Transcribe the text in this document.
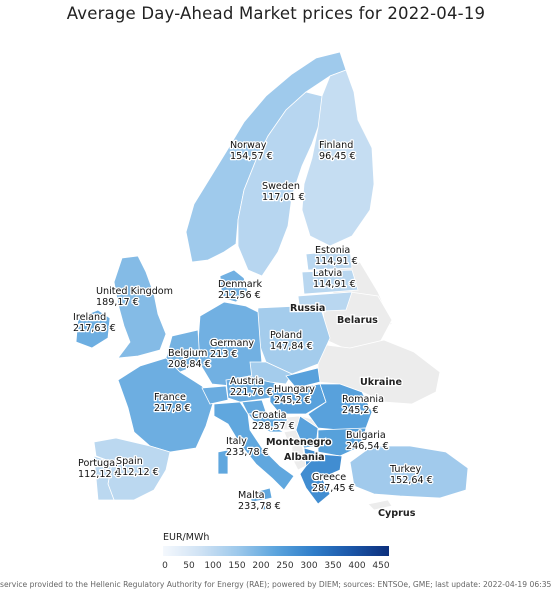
Average Day-Ahead Market prices for 2022-04-19
Norway
154,57 €
Finland
96,45 €
Sweden
117,01 €
Estonia
114,91 €
Latvia
114,91 €
Denmark
212,56 €
United Kingdom
189,17 €
Ireland
217,63 €
Poland
147,84 €
Germany
213 €
Belgium
208,84 €
France
217,8 €
Austria
221,76 € Hungary
245,2 €	Romania
245,2 €
Croatia
228,57 €
Bulgaria
246,54 €
Italy
233,78 €
Portugal
112,12 €
Spain
112,12 €	Greece
287,45 €
Turkey
152,64 €
Malta
233,78 €
Russia
Belarus
Ukraine
Montenegro
Albania
Cyprus
EUR/MWh
0 50 100 150 200 250 300 350 400 450
service provided to the Hellenic Regulatory Authority for Energy (RAE); powered by DIEM; sources: ENTSOe, GME; last update: 2022-04-19 06:35
